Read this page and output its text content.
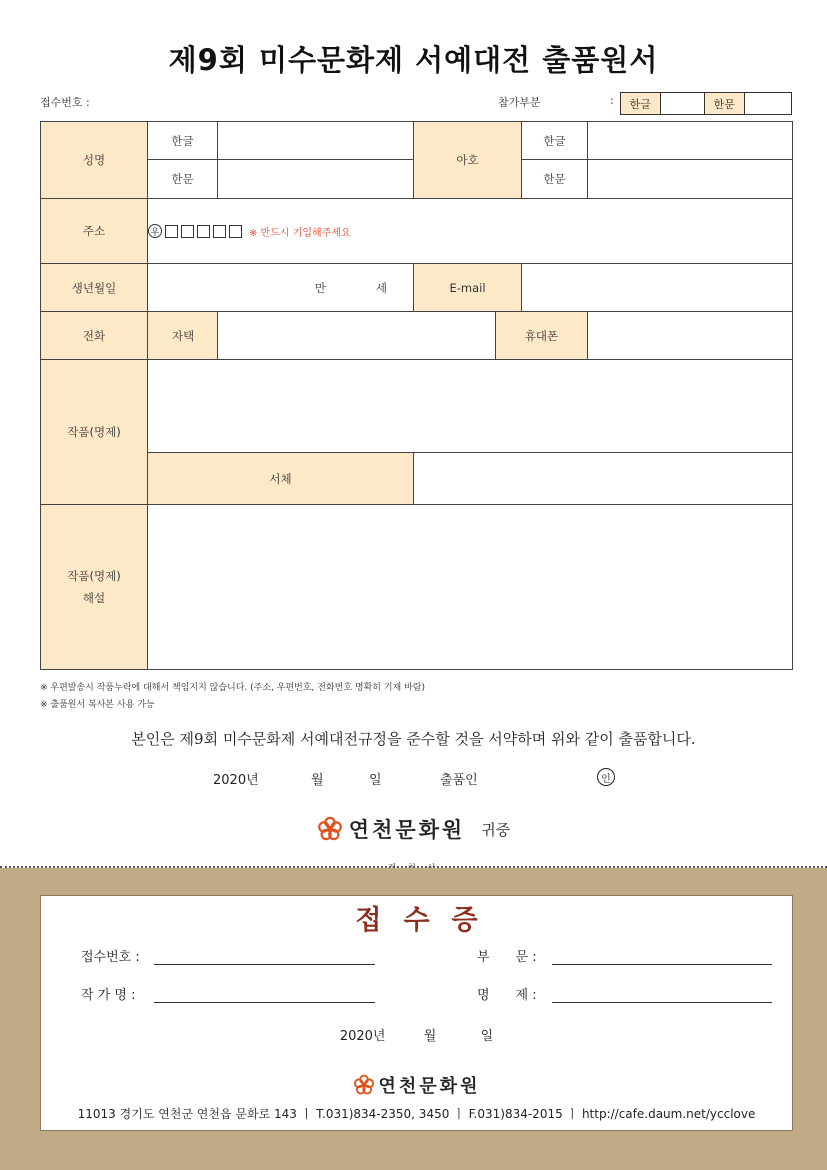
제9회 미수문화제 서예대전 출품원서
접수번호 :	참가부분	:	한글	한문
성명	한글		아호		한글	
	한문				한문	
주소	우 ※ 반드시 기입해주세요					

생년월일	만 세		E-mail			
전화	자택			휴대폰		
작품(명제)						
	서체					

작품(명제)
해설						

※ 우편발송시 작품누락에 대해서 책임지지 않습니다. (주소, 우편번호, 전화번호 명확히 기재 바람)
※ 출품원서 복사본 사용 가능
본인은 제9회 미수문화제 서예대전규정을 준수할 것을 서약하며 위와 같이 출품합니다.
2020년	월	일	출품인	인
연천문화원 귀중
접수증
접수번호 :	부　　문 :
작 가 명 :	명　　제 :
2020년	월	일
연천문화원
11013 경기도 연천군 연천읍 문화로 143 ㅣ T.031)834-2350, 3450 ㅣ F.031)834-2015 ㅣ http://cafe.daum.net/ycclove
